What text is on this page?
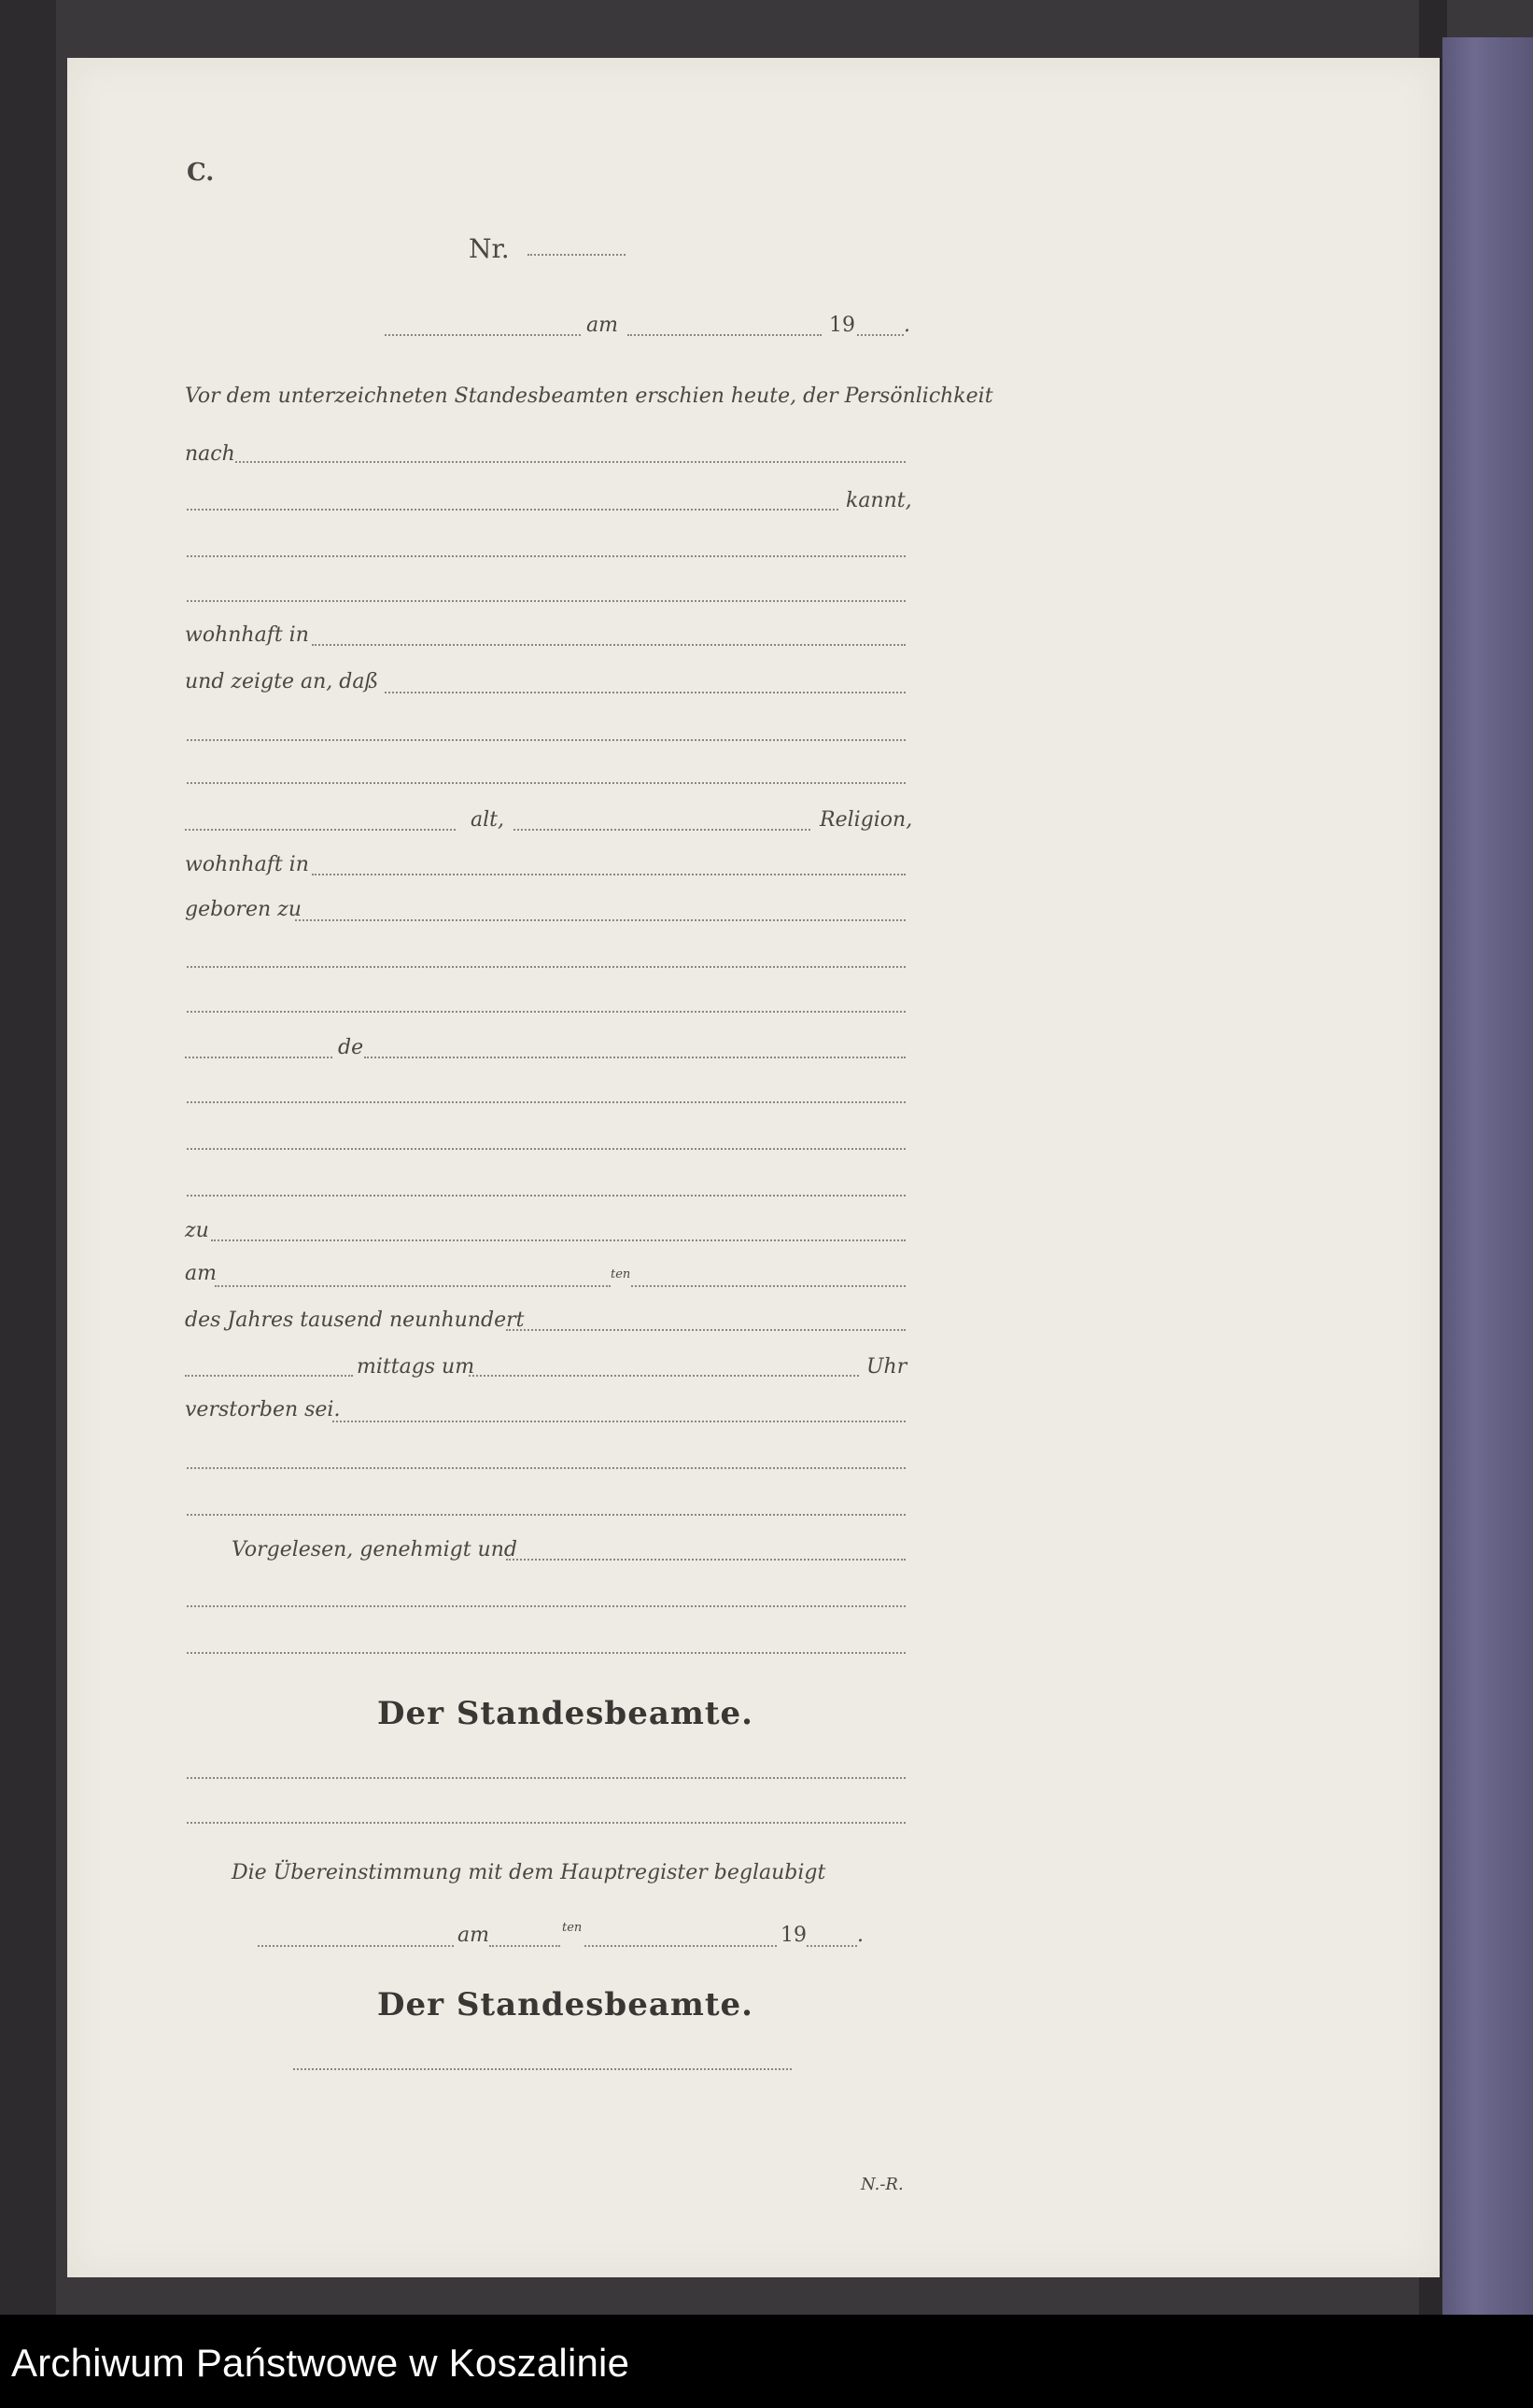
C.
Nr.
am	19 .
Vor dem unterzeichneten Standesbeamten erschien heute, der Persönlichkeit
nach
kannt,
wohnhaft in
und zeigte an, daß
alt,	Religion,
wohnhaft in
geboren zu
de
zu
am	ten
des Jahres tausend neunhundert
mittags um	Uhr
verstorben sei.
Vorgelesen, genehmigt und
Der Standesbeamte.
Die Übereinstimmung mit dem Hauptregister beglaubigt
am	ten	19 .
Der Standesbeamte.
N.-R.
Archiwum Państwowe w Koszalinie
